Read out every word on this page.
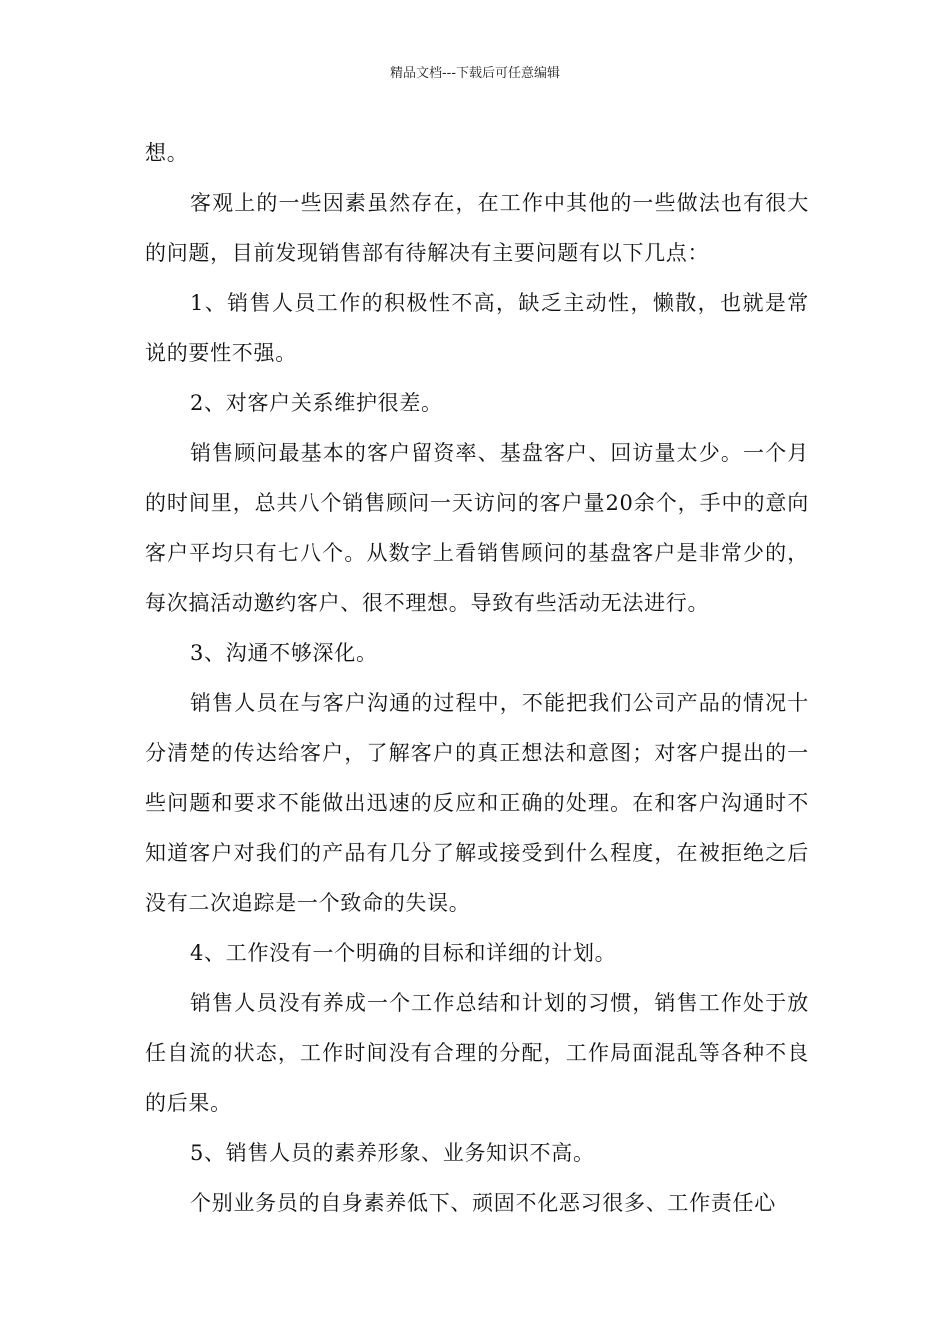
精品文档---下载后可任意编辑

想。

客观上的一些因素虽然存在，在工作中其他的一些做法也有很大的问题，目前发现销售部有待解决有主要问题有以下几点：

1、销售人员工作的积极性不高，缺乏主动性，懒散，也就是常说的要性不强。

2、对客户关系维护很差。

销售顾问最基本的客户留资率、基盘客户、回访量太少。一个月的时间里，总共八个销售顾问一天访问的客户量20余个，手中的意向客户平均只有七八个。从数字上看销售顾问的基盘客户是非常少的，每次搞活动邀约客户、很不理想。导致有些活动无法进行。

3、沟通不够深化。

销售人员在与客户沟通的过程中，不能把我们公司产品的情况十分清楚的传达给客户，了解客户的真正想法和意图；对客户提出的一些问题和要求不能做出迅速的反应和正确的处理。在和客户沟通时不知道客户对我们的产品有几分了解或接受到什么程度，在被拒绝之后没有二次追踪是一个致命的失误。

4、工作没有一个明确的目标和详细的计划。

销售人员没有养成一个工作总结和计划的习惯，销售工作处于放任自流的状态，工作时间没有合理的分配，工作局面混乱等各种不良的后果。

5、销售人员的素养形象、业务知识不高。

个别业务员的自身素养低下、顽固不化恶习很多、工作责任心
